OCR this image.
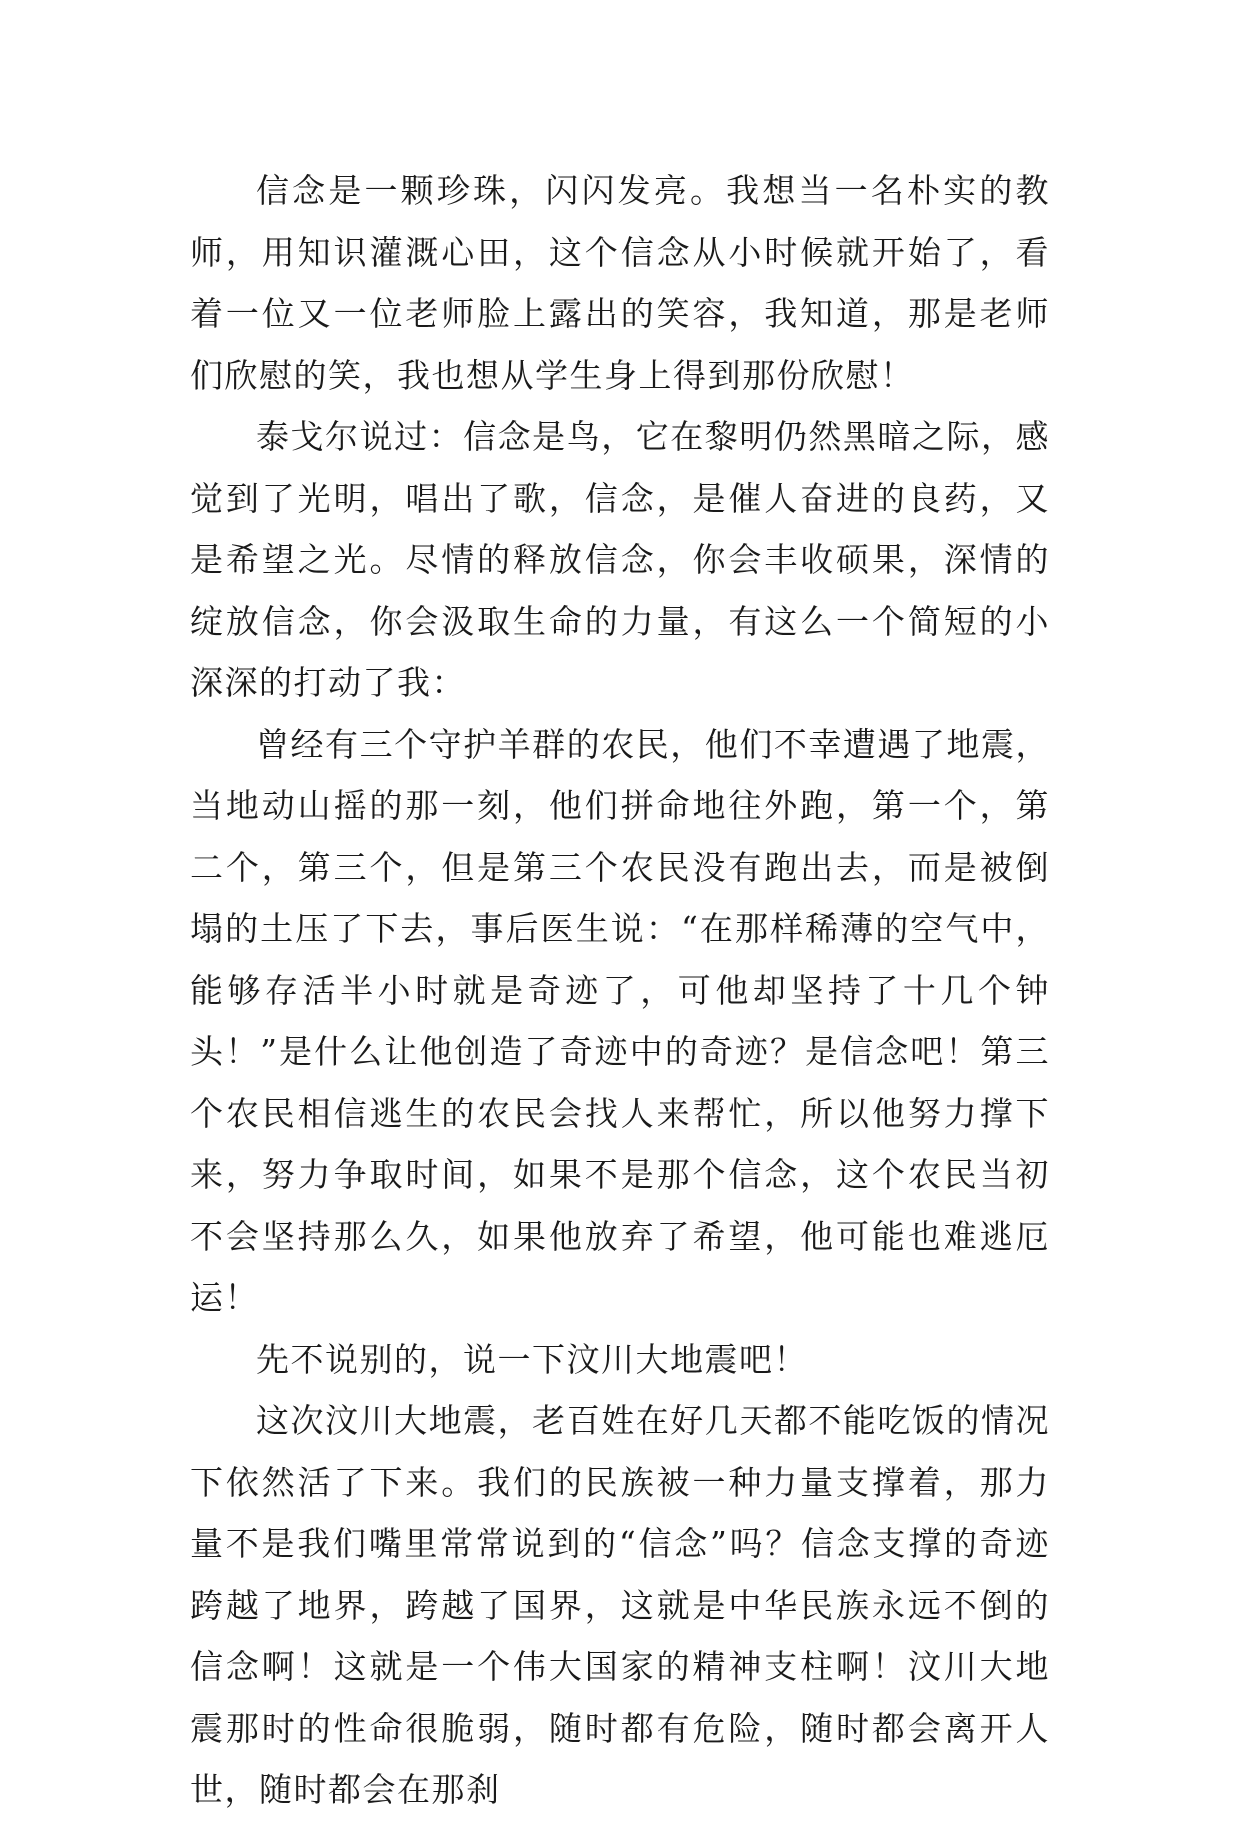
信念是一颗珍珠，闪闪发亮。我想当一名朴实的教师，用知识灌溉心田，这个信念从小时候就开始了，看着一位又一位老师脸上露出的笑容，我知道，那是老师们欣慰的笑，我也想从学生身上得到那份欣慰！

泰戈尔说过：信念是鸟，它在黎明仍然黑暗之际，感觉到了光明，唱出了歌，信念，是催人奋进的良药，又是希望之光。尽情的释放信念，你会丰收硕果，深情的绽放信念，你会汲取生命的力量，有这么一个简短的小深深的打动了我：

曾经有三个守护羊群的农民，他们不幸遭遇了地震，当地动山摇的那一刻，他们拼命地往外跑，第一个，第二个，第三个，但是第三个农民没有跑出去，而是被倒塌的土压了下去，事后医生说：“在那样稀薄的空气中，能够存活半小时就是奇迹了，可他却坚持了十几个钟头！”是什么让他创造了奇迹中的奇迹？是信念吧！第三个农民相信逃生的农民会找人来帮忙，所以他努力撑下来，努力争取时间，如果不是那个信念，这个农民当初不会坚持那么久，如果他放弃了希望，他可能也难逃厄运！

先不说别的，说一下汶川大地震吧！

这次汶川大地震，老百姓在好几天都不能吃饭的情况下依然活了下来。我们的民族被一种力量支撑着，那力量不是我们嘴里常常说到的“信念”吗？信念支撑的奇迹跨越了地界，跨越了国界，这就是中华民族永远不倒的信念啊！这就是一个伟大国家的精神支柱啊！汶川大地震那时的性命很脆弱，随时都有危险，随时都会离开人世，随时都会在那刹
